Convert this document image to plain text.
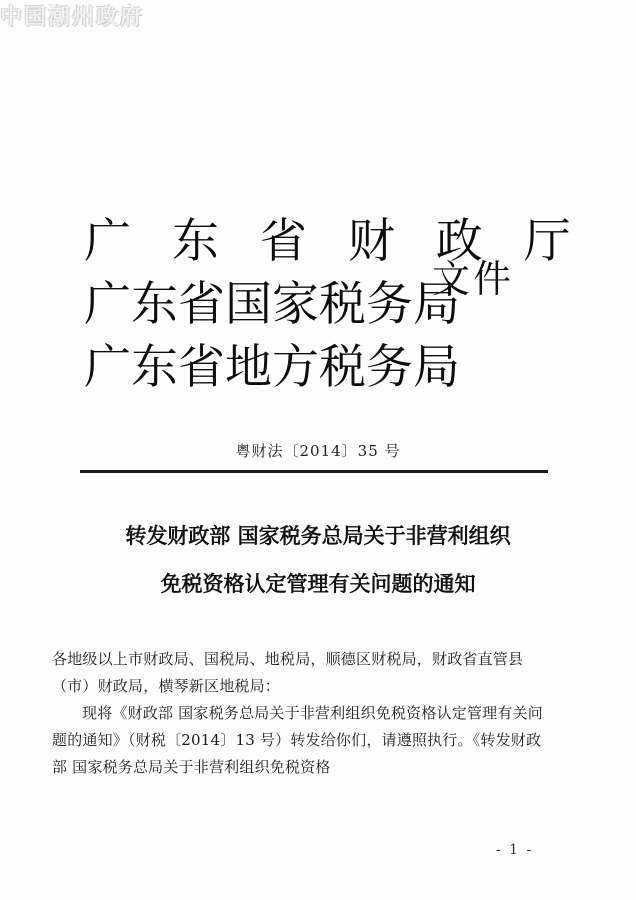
中国潮州政府
广 东 省 财 政 厅
广东省国家税务局
广东省地方税务局
文件
粤财法〔2014〕35 号
转发财政部 国家税务总局关于非营利组织
免税资格认定管理有关问题的通知

各地级以上市财政局、国税局、地税局，顺德区财税局，财政省直管县（市）财政局，横琴新区地税局：

现将《财政部 国家税务总局关于非营利组织免税资格认定管理有关问题的通知》（财税〔2014〕13 号）转发给你们，请遵照执行。《转发财政部 国家税务总局关于非营利组织免税资格

- 1 -
